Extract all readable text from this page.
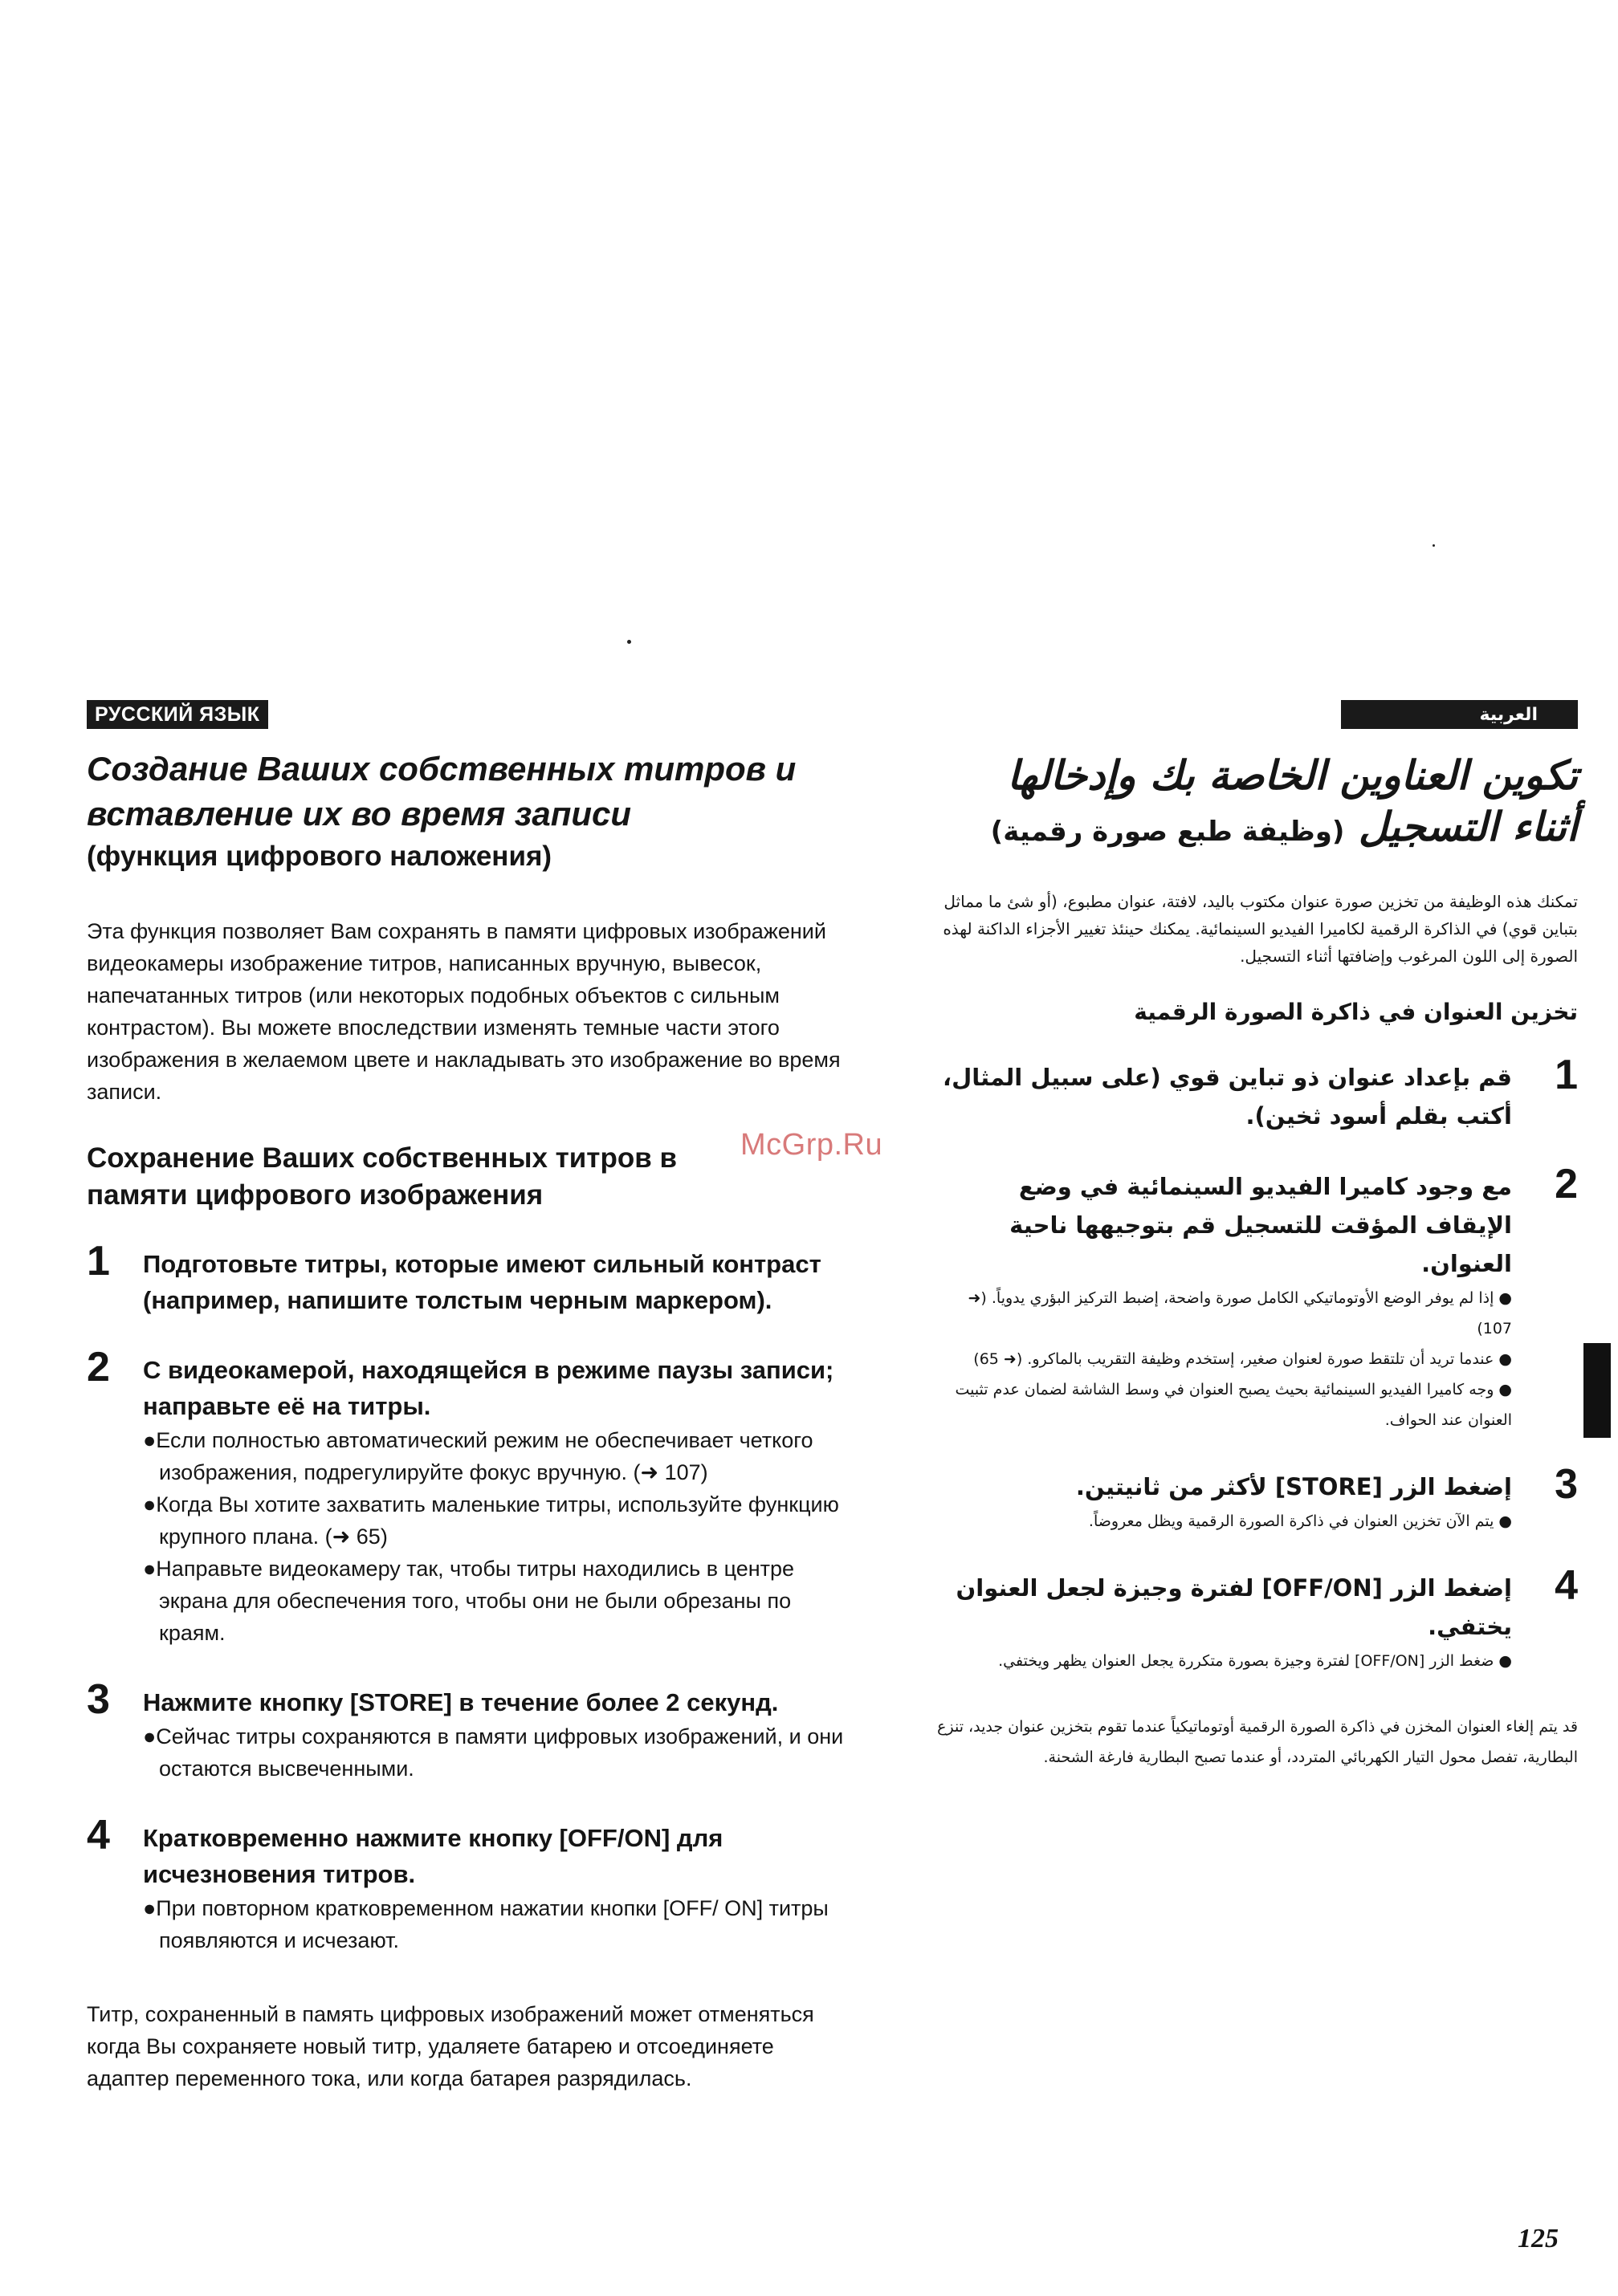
РУССКИЙ ЯЗЫК
Создание Ваших собственных титров и
вставление их во время записи
(функция цифрового наложения)
Эта функция позволяет Вам сохранять в памяти цифровых изображений видеокамеры изображение титров, написанных вручную, вывесок, напечатанных титров (или некоторых подобных объектов с сильным контрастом). Вы можете впоследствии изменять темные части этого изображения в желаемом цвете и накладывать это изображение во время записи.
Сохранение Ваших собственных титров в
памяти цифрового изображения
1 Подготовьте титры, которые имеют сильный контраст (например, напишите толстым черным маркером).
2 С видеокамерой, находящейся в режиме паузы записи; направьте её на титры.
●Если полностью автоматический режим не обеспечивает четкого изображения, подрегулируйте фокус вручную. (➜ 107)
●Когда Вы хотите захватить маленькие титры, используйте функцию крупного плана. (➜ 65)
●Направьте видеокамеру так, чтобы титры находились в центре экрана для обеспечения того, чтобы они не были обрезаны по краям.
3 Нажмите кнопку [STORE] в течение более 2 секунд.
●Сейчас титры сохраняются в памяти цифровых изображений, и они остаются высвеченными.
4 Кратковременно нажмите кнопку [OFF/ON] для исчезновения титров.
●При повторном кратковременном нажатии кнопки [OFF/ ON] титры появляются и исчезают.
Титр, сохраненный в память цифровых изображений может отменяться когда Вы сохраняете новый титр, удаляете батарею и отсоединяете адаптер переменного тока, или когда батарея разрядилась.
العربية
تكوين العناوين الخاصة بك وإدخالها
أثناء التسجيل (وظيفة طبع صورة رقمية)
تمكنك هذه الوظيفة من تخزين صورة عنوان مكتوب باليد، لافتة، عنوان مطبوع، (أو شئ ما مماثل بتباين قوي) في الذاكرة الرقمية لكاميرا الفيديو السينمائية. يمكنك حينئذ تغيير الأجزاء الداكنة لهذه الصورة إلى اللون المرغوب وإضافتها أثناء التسجيل.
تخزين العنوان في ذاكرة الصورة الرقمية
1
قم بإعداد عنوان ذو تباين قوي (على سبيل المثال، أكتب بقلم أسود ثخين).
2
مع وجود كاميرا الفيديو السينمائية في وضع الإيقاف المؤقت للتسجيل قم بتوجيهها ناحية العنوان.
● إذا لم يوفر الوضع الأوتوماتيكي الكامل صورة واضحة، إضبط التركيز البؤري يدوياً. (➜ 107)
● عندما تريد أن تلتقط صورة لعنوان صغير، إستخدم وظيفة التقريب بالماكرو. (➜ 65)
● وجه كاميرا الفيديو السينمائية بحيث يصبح العنوان في وسط الشاشة لضمان عدم تثبيت العنوان عند الحواف.
3
إضغط الزر [STORE] لأكثر من ثانيتين.
● يتم الآن تخزين العنوان في ذاكرة الصورة الرقمية ويظل معروضاً.
4
إضغط الزر [OFF/ON] لفترة وجيزة لجعل العنوان يختفي.
● ضغط الزر [OFF/ON] لفترة وجيزة بصورة متكررة يجعل العنوان يظهر ويختفي.
قد يتم إلغاء العنوان المخزن في ذاكرة الصورة الرقمية أوتوماتيكياً عندما تقوم بتخزين عنوان جديد، تنزع البطارية، تفصل محول التيار الكهربائي المتردد، أو عندما تصبح البطارية فارغة الشحنة.
McGrp.Ru
125
